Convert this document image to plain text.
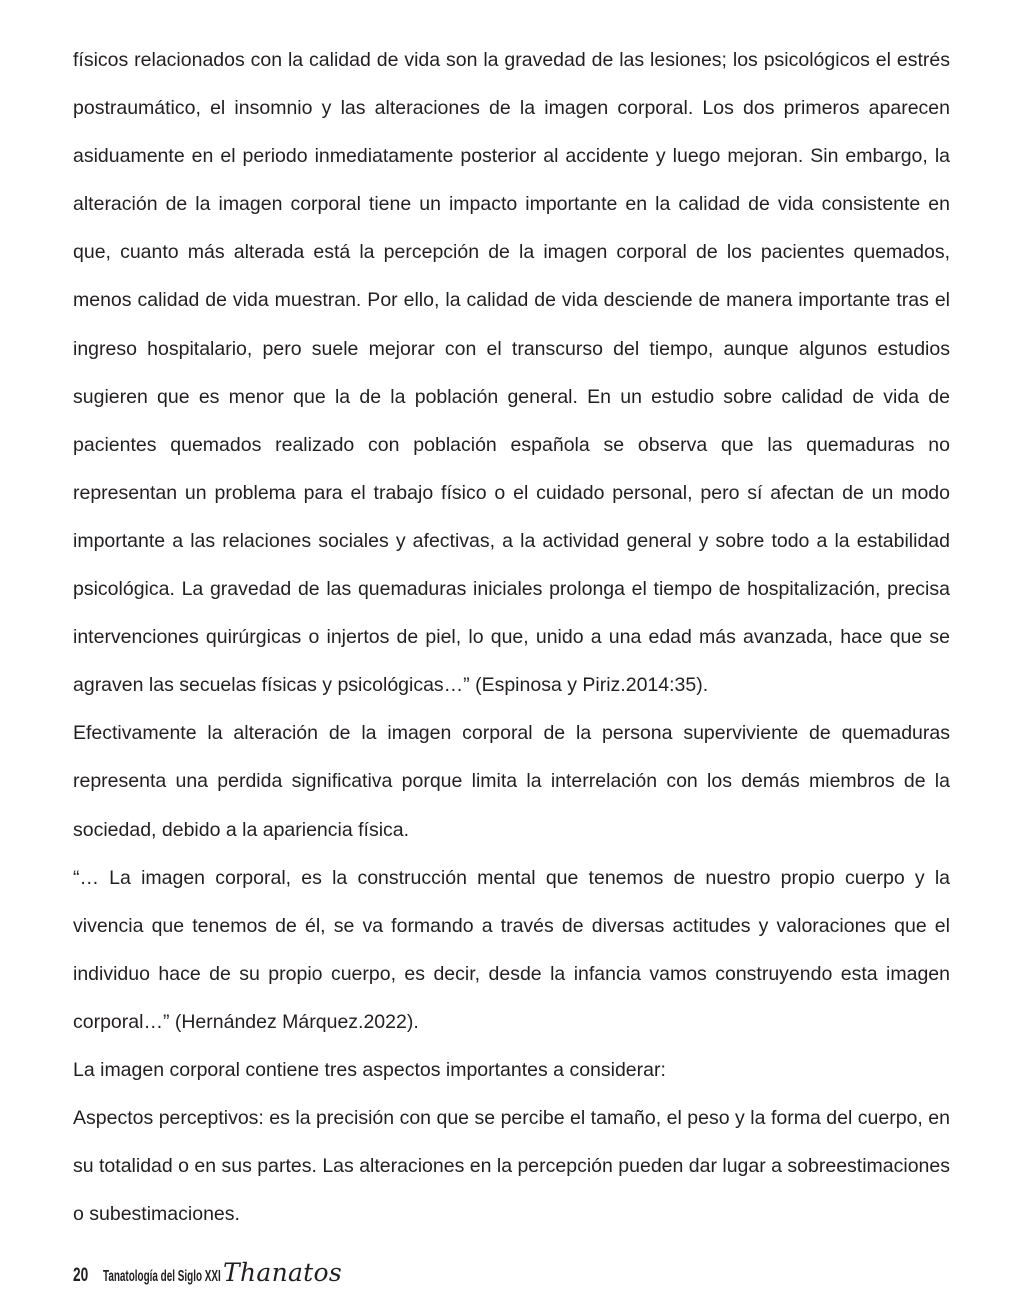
físicos relacionados con la calidad de vida son la gravedad de las lesiones; los psicológicos el estrés postraumático, el insomnio y las alteraciones de la imagen corporal. Los dos primeros aparecen asiduamente en el periodo inmediatamente posterior al accidente y luego mejoran. Sin embargo, la alteración de la imagen corporal tiene un impacto importante en la calidad de vida consistente en que, cuanto más alterada está la percepción de la imagen corporal de los pacientes quemados, menos calidad de vida muestran. Por ello, la calidad de vida desciende de manera importante tras el ingreso hospitalario, pero suele mejorar con el transcurso del tiempo, aunque algunos estudios sugieren que es menor que la de la población general. En un estudio sobre calidad de vida de pacientes quemados realizado con población española se observa que las quemaduras no representan un problema para el trabajo físico o el cuidado personal, pero sí afectan de un modo importante a las relaciones sociales y afectivas, a la actividad general y sobre todo a la estabilidad psicológica. La gravedad de las quemaduras iniciales prolonga el tiempo de hospitalización, precisa intervenciones quirúrgicas o injertos de piel, lo que, unido a una edad más avanzada, hace que se agraven las secuelas físicas y psicológicas…” (Espinosa y Piriz.2014:35).

Efectivamente la alteración de la imagen corporal de la persona superviviente de quemaduras representa una perdida significativa porque limita la interrelación con los demás miembros de la sociedad, debido a la apariencia física.

“… La imagen corporal, es la construcción mental que tenemos de nuestro propio cuerpo y la vivencia que tenemos de él, se va formando a través de diversas actitudes y valoraciones que el individuo hace de su propio cuerpo, es decir, desde la infancia vamos construyendo esta imagen corporal…” (Hernández Márquez.2022).

La imagen corporal contiene tres aspectos importantes a considerar:

Aspectos perceptivos: es la precisión con que se percibe el tamaño, el peso y la forma del cuerpo, en su totalidad o en sus partes. Las alteraciones en la percepción pueden dar lugar a sobreestimaciones o subestimaciones.

20 Tanatología del Siglo XXI Thanatos
